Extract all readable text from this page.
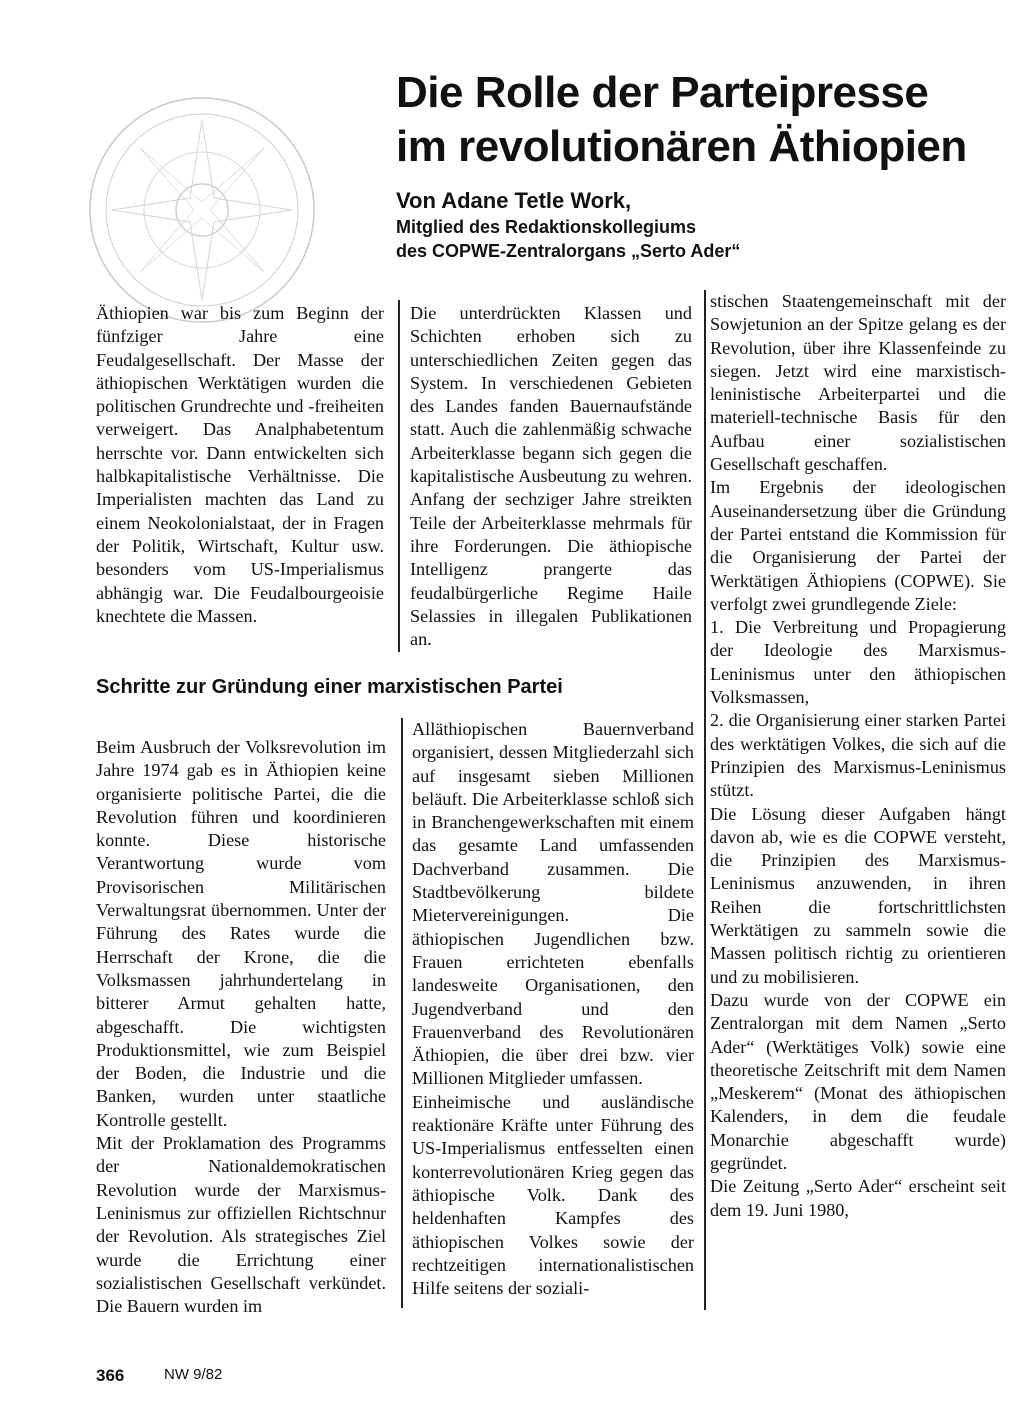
Die Rolle der Parteipresse
im revolutionären Äthiopien
Von Adane Tetle Work,
Mitglied des Redaktionskollegiums
des COPWE-Zentralorgans „Serto Ader“

Äthiopien war bis zum Beginn der fünfziger Jahre eine Feudalgesellschaft. Der Masse der äthiopischen Werktätigen wurden die politischen Grundrechte und -freiheiten verweigert. Das Analphabetentum herrschte vor. Dann entwickelten sich halbkapitalistische Verhältnisse. Die Imperialisten machten das Land zu einem Neokolonialstaat, der in Fragen der Politik, Wirtschaft, Kultur usw. besonders vom US-Imperialismus abhängig war. Die Feudalbourgeoisie knechtete die Massen.

Die unterdrückten Klassen und Schichten erhoben sich zu unterschiedlichen Zeiten gegen das System. In verschiedenen Gebieten des Landes fanden Bauernaufstände statt. Auch die zahlenmäßig schwache Arbeiterklasse begann sich gegen die kapitalistische Ausbeutung zu wehren. Anfang der sechziger Jahre streikten Teile der Arbeiterklasse mehrmals für ihre Forderungen. Die äthiopische Intelligenz prangerte das feudalbürgerliche Regime Haile Selassies in illegalen Publikationen an.

Schritte zur Gründung einer marxistischen Partei

Beim Ausbruch der Volksrevolution im Jahre 1974 gab es in Äthiopien keine organisierte politische Partei, die die Revolution führen und koordinieren konnte. Diese historische Verantwortung wurde vom Provisorischen Militärischen Verwaltungsrat übernommen. Unter der Führung des Rates wurde die Herrschaft der Krone, die die Volksmassen jahrhundertelang in bitterer Armut gehalten hatte, abgeschafft. Die wichtigsten Produktionsmittel, wie zum Beispiel der Boden, die Industrie und die Banken, wurden unter staatliche Kontrolle gestellt.

Mit der Proklamation des Programms der Nationaldemokratischen Revolution wurde der Marxismus-Leninismus zur offiziellen Richtschnur der Revolution. Als strategisches Ziel wurde die Errichtung einer sozialistischen Gesellschaft verkündet. Die Bauern wurden im

Alläthiopischen Bauernverband organisiert, dessen Mitgliederzahl sich auf insgesamt sieben Millionen beläuft. Die Arbeiterklasse schloß sich in Branchengewerkschaften mit einem das gesamte Land umfassenden Dachverband zusammen. Die Stadtbevölkerung bildete Mietervereinigungen. Die äthiopischen Jugendlichen bzw. Frauen errichteten ebenfalls landesweite Organisationen, den Jugendverband und den Frauenverband des Revolutionären Äthiopien, die über drei bzw. vier Millionen Mitglieder umfassen.

Einheimische und ausländische reaktionäre Kräfte unter Führung des US-Imperialismus entfesselten einen konterrevolutionären Krieg gegen das äthiopische Volk. Dank des heldenhaften Kampfes des äthiopischen Volkes sowie der rechtzeitigen internationalistischen Hilfe seitens der soziali-

stischen Staatengemeinschaft mit der Sowjetunion an der Spitze gelang es der Revolution, über ihre Klassenfeinde zu siegen. Jetzt wird eine marxistisch-leninistische Arbeiterpartei und die materiell-technische Basis für den Aufbau einer sozialistischen Gesellschaft geschaffen.

Im Ergebnis der ideologischen Auseinandersetzung über die Gründung der Partei entstand die Kommission für die Organisierung der Partei der Werktätigen Äthiopiens (COPWE). Sie verfolgt zwei grundlegende Ziele:

1. Die Verbreitung und Propagierung der Ideologie des Marxismus-Leninismus unter den äthiopischen Volksmassen,

2. die Organisierung einer starken Partei des werktätigen Volkes, die sich auf die Prinzipien des Marxismus-Leninismus stützt.

Die Lösung dieser Aufgaben hängt davon ab, wie es die COPWE versteht, die Prinzipien des Marxismus-Leninismus anzuwenden, in ihren Reihen die fortschrittlichsten Werktätigen zu sammeln sowie die Massen politisch richtig zu orientieren und zu mobilisieren.

Dazu wurde von der COPWE ein Zentralorgan mit dem Namen „Serto Ader“ (Werktätiges Volk) sowie eine theoretische Zeitschrift mit dem Namen „Meskerem“ (Monat des äthiopischen Kalenders, in dem die feudale Monarchie abgeschafft wurde) gegründet.

Die Zeitung „Serto Ader“ erscheint seit dem 19. Juni 1980,

366	NW 9/82
